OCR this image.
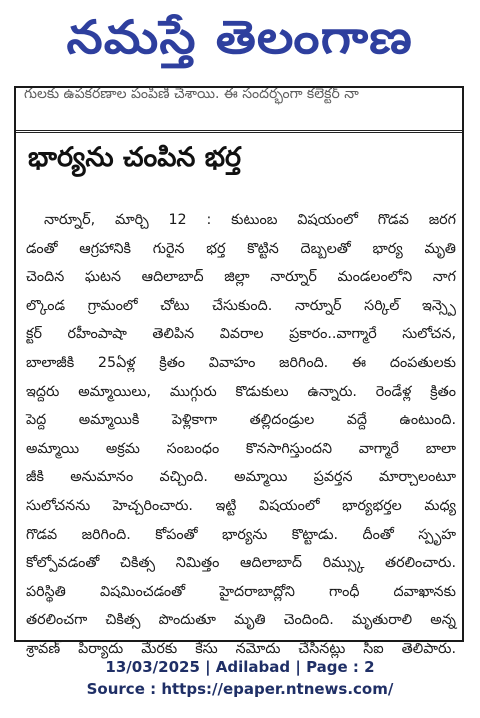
నమస్తే తెలంగాణ
గులకు ఉపకరణాల పంపిణి చేశాయి. ఈ సందర్భంగా కలెక్టర్ నా
భార్యను చంపిన భర్త
నార్నూర్, మార్చి 12 : కుటుంబ విషయంలో గొడవ జరగ
డంతో ఆగ్రహానికి గురైన భర్త కొట్టిన దెబ్బలతో భార్య మృతి
చెందిన ఘటన ఆదిలాబాద్ జిల్లా నార్నూర్ మండలంలోని నాగ
ల్కొండ గ్రామంలో చోటు చేసుకుంది. నార్నూర్ సర్కిల్ ఇన్స్పె
క్టర్ రహీంపాషా తెలిపిన వివరాల ప్రకారం..వాగ్మారే సులోచన,
బాలాజీకి 25ఏళ్ల క్రితం వివాహం జరిగింది. ఈ దంపతులకు
ఇద్దరు అమ్మాయిలు, ముగ్గురు కొడుకులు ఉన్నారు. రెండేళ్ల క్రితం
పెద్ద అమ్మాయికి పెళ్లికాగా తల్లిదండ్రుల వద్దే ఉంటుంది.
అమ్మాయి అక్రమ సంబంధం కొనసాగిస్తుందని వాగ్మారే బాలా
జీకి అనుమానం వచ్చింది. అమ్మాయి ప్రవర్తన మార్చాలంటూ
సులోచనను హెచ్చరించారు. ఇట్టి విషయంలో భార్యభర్తల మధ్య
గొడవ జరిగింది. కోపంతో భార్యను కొట్టాడు. దీంతో స్పృహ
కోల్పోవడంతో చికిత్స నిమిత్తం ఆదిలాబాద్ రిమ్స్కు తరలించారు.
పరిస్థితి విషమించడంతో హైదరాబాద్లోని గాంధీ దవాఖానకు
తరలించగా చికిత్స పొందుతూ మృతి చెందింది. మృతురాలి అన్న
శ్రావణ్ పిర్యాదు మేరకు కేసు నమోదు చేసినట్లు సీఐ తెలిపారు.
13/03/2025 | Adilabad | Page : 2
Source : https://epaper.ntnews.com/
